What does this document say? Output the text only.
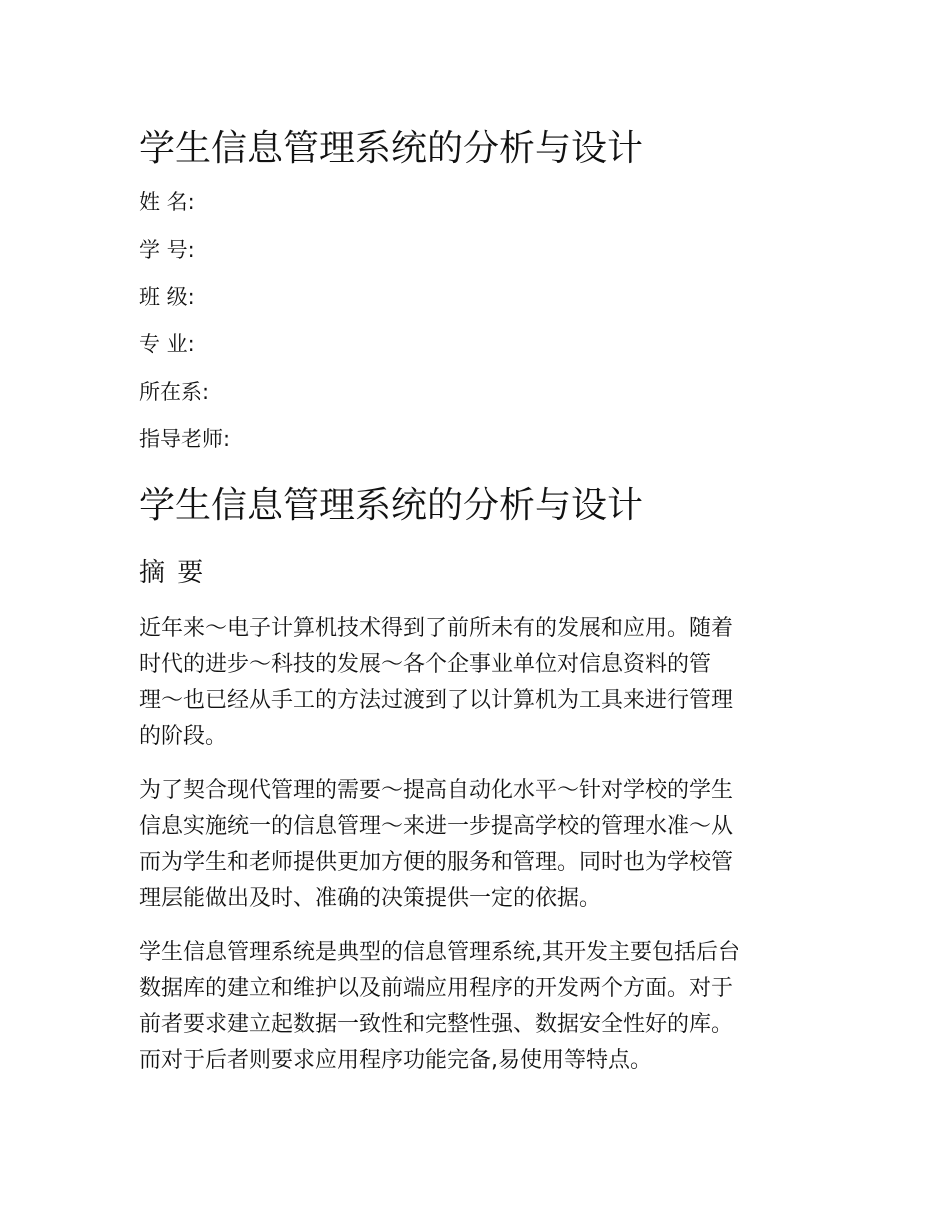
学生信息管理系统的分析与设计
姓 名:
学 号:
班 级:
专 业:
所在系:
指导老师:
学生信息管理系统的分析与设计
摘 要

近年来～电子计算机技术得到了前所未有的发展和应用。随着
时代的进步～科技的发展～各个企事业单位对信息资料的管
理～也已经从手工的方法过渡到了以计算机为工具来进行管理
的阶段。

为了契合现代管理的需要～提高自动化水平～针对学校的学生
信息实施统一的信息管理～来进一步提高学校的管理水准～从
而为学生和老师提供更加方便的服务和管理。同时也为学校管
理层能做出及时、准确的决策提供一定的依据。

学生信息管理系统是典型的信息管理系统,其开发主要包括后台
数据库的建立和维护以及前端应用程序的开发两个方面。对于
前者要求建立起数据一致性和完整性强、数据安全性好的库。
而对于后者则要求应用程序功能完备,易使用等特点。
